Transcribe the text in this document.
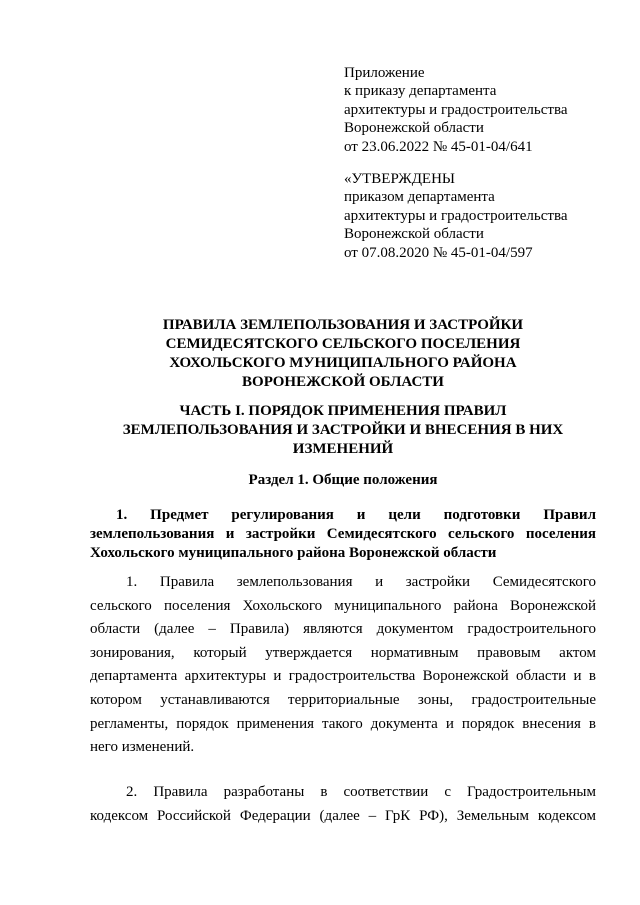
Приложение
к приказу департамента
архитектуры и градостроительства
Воронежской области
от 23.06.2022 № 45-01-04/641
«УТВЕРЖДЕНЫ
приказом департамента
архитектуры и градостроительства
Воронежской области
от 07.08.2020 № 45-01-04/597
ПРАВИЛА ЗЕМЛЕПОЛЬЗОВАНИЯ И ЗАСТРОЙКИ
СЕМИДЕСЯТСКОГО СЕЛЬСКОГО ПОСЕЛЕНИЯ
ХОХОЛЬСКОГО МУНИЦИПАЛЬНОГО РАЙОНА
ВОРОНЕЖСКОЙ ОБЛАСТИ
ЧАСТЬ I. ПОРЯДОК ПРИМЕНЕНИЯ ПРАВИЛ
ЗЕМЛЕПОЛЬЗОВАНИЯ И ЗАСТРОЙКИ И ВНЕСЕНИЯ В НИХ
ИЗМЕНЕНИЙ
Раздел 1. Общие положения
1. Предмет регулирования и цели подготовки Правил
землепользования и застройки Семидесятского сельского поселения
Хохольского муниципального района Воронежской области
1. Правила землепользования и застройки Семидесятского
сельского поселения Хохольского муниципального района Воронежской
области (далее – Правила) являются документом градостроительного
зонирования, который утверждается нормативным правовым актом
департамента архитектуры и градостроительства Воронежской области и в
котором устанавливаются территориальные зоны, градостроительные
регламенты, порядок применения такого документа и порядок внесения в
него изменений.
2. Правила разработаны в соответствии с Градостроительным
кодексом Российской Федерации (далее – ГрК РФ), Земельным кодексом
